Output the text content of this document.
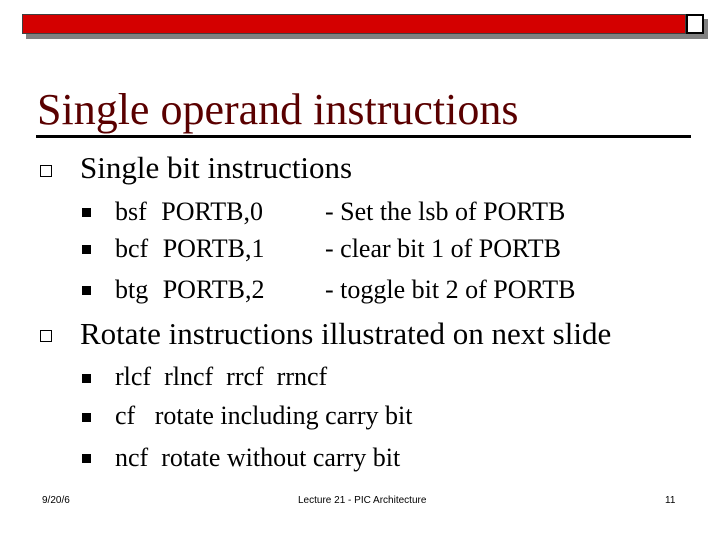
Single operand instructions
Single bit instructions
bsf PORTB,0 - Set the lsb of PORTB
bcf PORTB,1 - clear bit 1 of PORTB
btg PORTB,2 - toggle bit 2 of PORTB
Rotate instructions illustrated on next slide
rlcf  rlncf  rrcf  rrncf
cf   rotate including carry bit
ncf  rotate without carry bit
9/20/6	Lecture 21 - PIC Architecture	11
